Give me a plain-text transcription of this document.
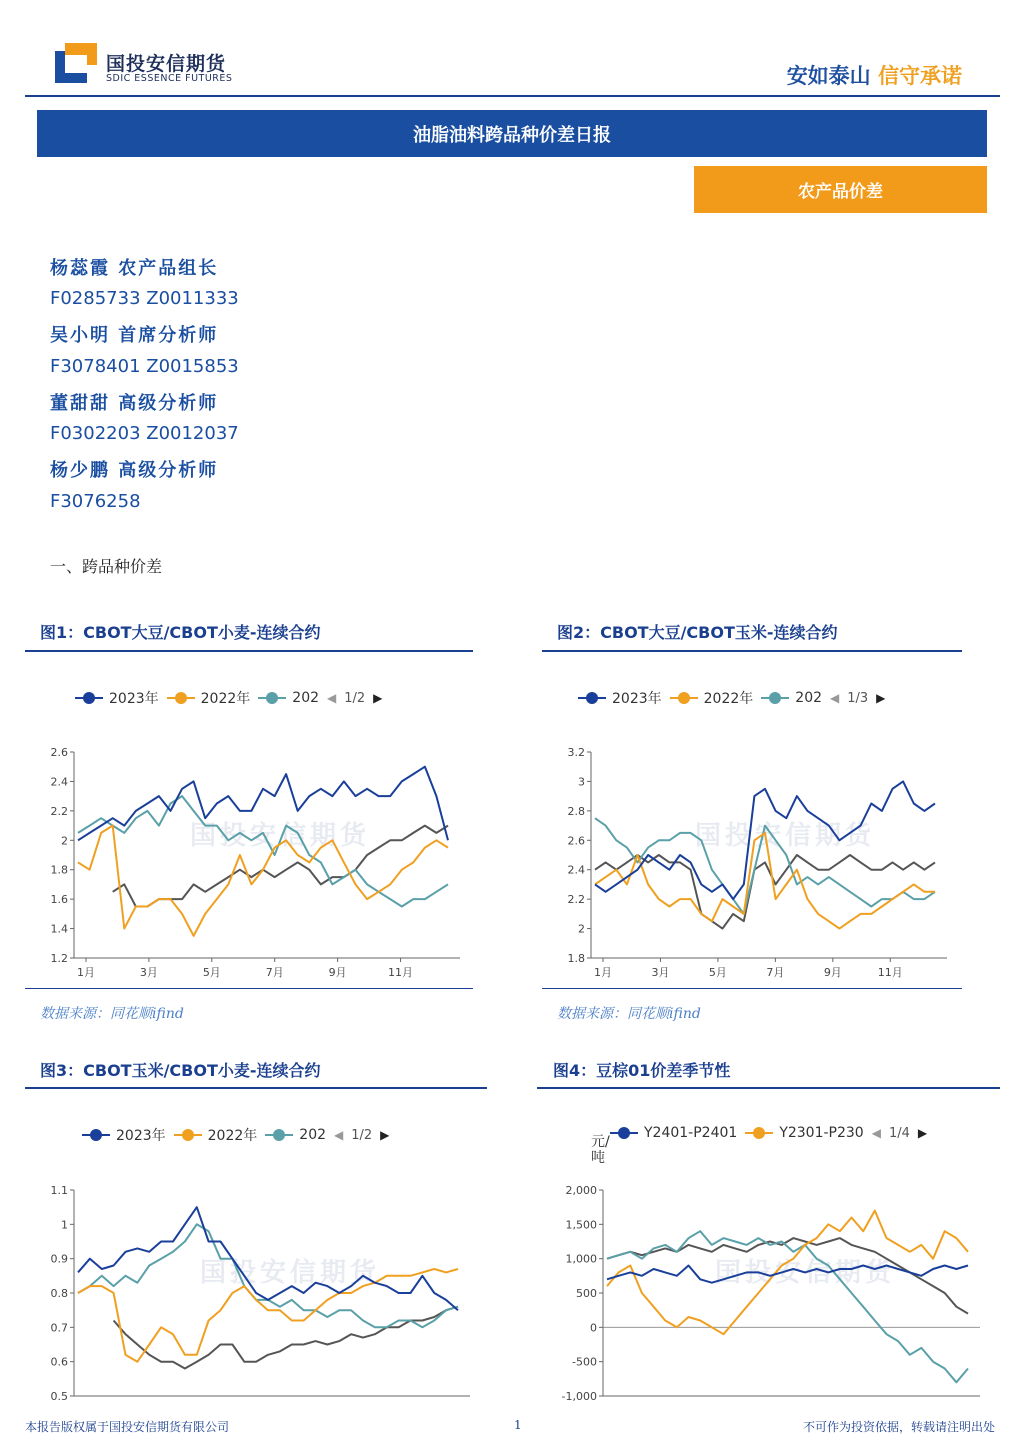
国投安信期货
SDIC ESSENCE FUTURES	安如泰山 信守承诺
油脂油料跨品种价差日报
农产品价差
杨蕊霞 农产品组长
F0285733 Z0011333
吴小明 首席分析师
F3078401 Z0015853
董甜甜 高级分析师
F0302203 Z0012037
杨少鹏 高级分析师
F3076258
一、跨品种价差
图1：CBOT大豆/CBOT小麦-连续合约
2023年	2022年	202 ◀ 1/2 ▶
国投安信期货
1.2
1.4
1.6
1.8
2
2.2
2.4
2.6
1月	3月	5月	7月	9月	11月
数据来源：同花顺ifind
图2：CBOT大豆/CBOT玉米-连续合约
2023年	2022年	202 ◀ 1/3 ▶
国投安信期货
1.8
2
2.2
2.4
2.6
2.8
3
3.2
1月	3月	5月	7月	9月	11月
数据来源：同花顺ifind
图3：CBOT玉米/CBOT小麦-连续合约
2023年	2022年	202 ◀ 1/2 ▶
国投安信期货
0.5
0.6
0.7
0.8
0.9
1
1.1
图4：豆棕01价差季节性
元/吨
Y2401-P2401	Y2301-P230 ◀ 1/4 ▶
国投安信期货
-1,000
-500
0
500
1,000
1,500
2,000
本报告版权属于国投安信期货有限公司	1	不可作为投资依据，转载请注明出处
